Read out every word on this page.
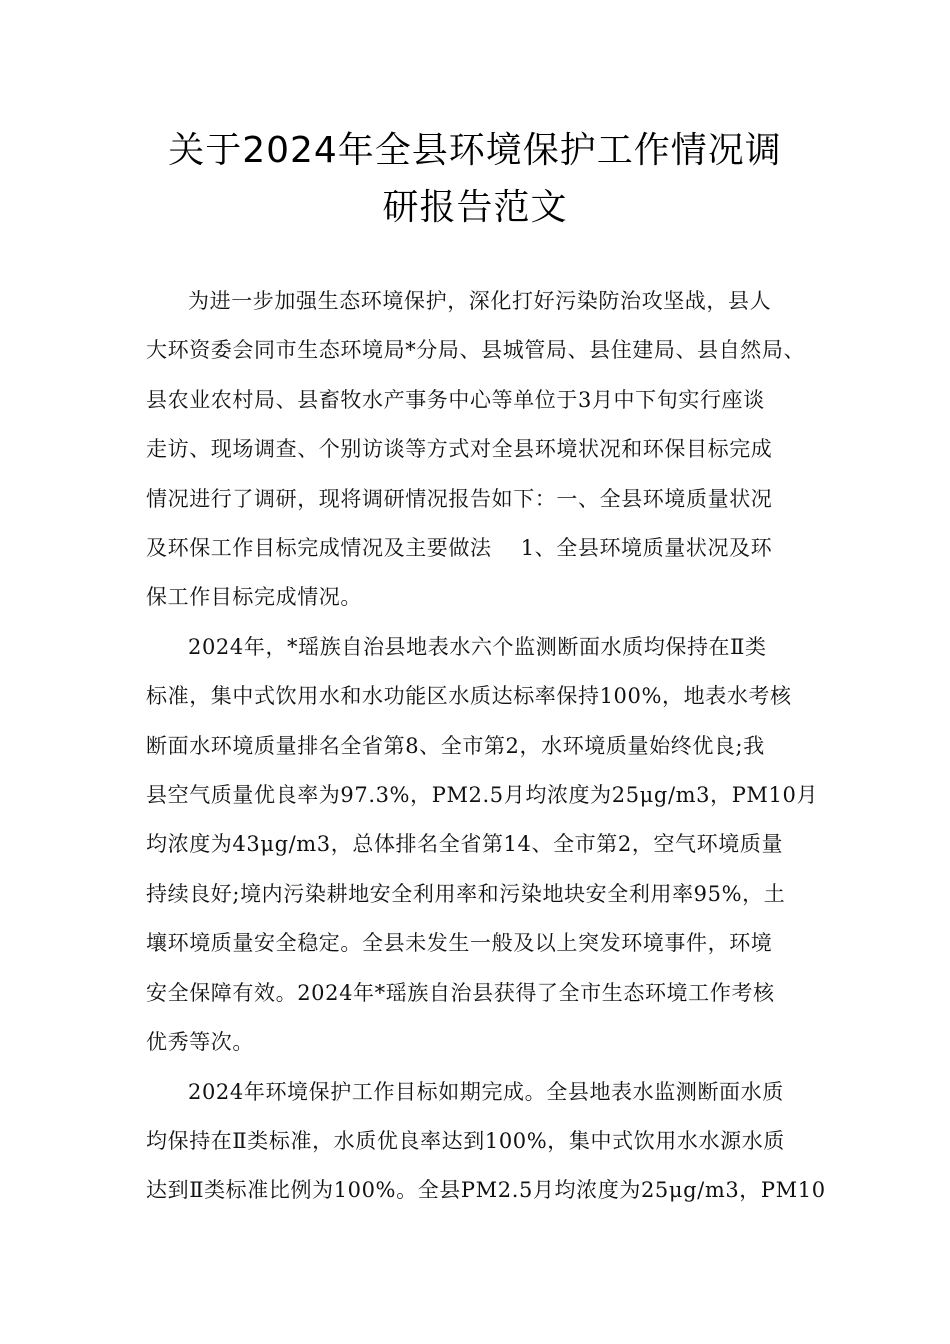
关于2024年全县环境保护工作情况调
研报告范文
为进一步加强生态环境保护，深化打好污染防治攻坚战，县人
大环资委会同市生态环境局*分局、县城管局、县住建局、县自然局、
县农业农村局、县畜牧水产事务中心等单位于3月中下旬实行座谈
走访、现场调查、个别访谈等方式对全县环境状况和环保目标完成
情况进行了调研，现将调研情况报告如下：一、全县环境质量状况
及环保工作目标完成情况及主要做法    1、全县环境质量状况及环
保工作目标完成情况。
2024年，*瑶族自治县地表水六个监测断面水质均保持在Ⅱ类
标准，集中式饮用水和水功能区水质达标率保持100%，地表水考核
断面水环境质量排名全省第8、全市第2，水环境质量始终优良;我
县空气质量优良率为97.3%，PM2.5月均浓度为25μg/m3，PM10月
均浓度为43μg/m3，总体排名全省第14、全市第2，空气环境质量
持续良好;境内污染耕地安全利用率和污染地块安全利用率95%，土
壤环境质量安全稳定。全县未发生一般及以上突发环境事件，环境
安全保障有效。2024年*瑶族自治县获得了全市生态环境工作考核
优秀等次。
2024年环境保护工作目标如期完成。全县地表水监测断面水质
均保持在Ⅱ类标准，水质优良率达到100%，集中式饮用水水源水质
达到Ⅱ类标准比例为100%。全县PM2.5月均浓度为25μg/m3，PM10
